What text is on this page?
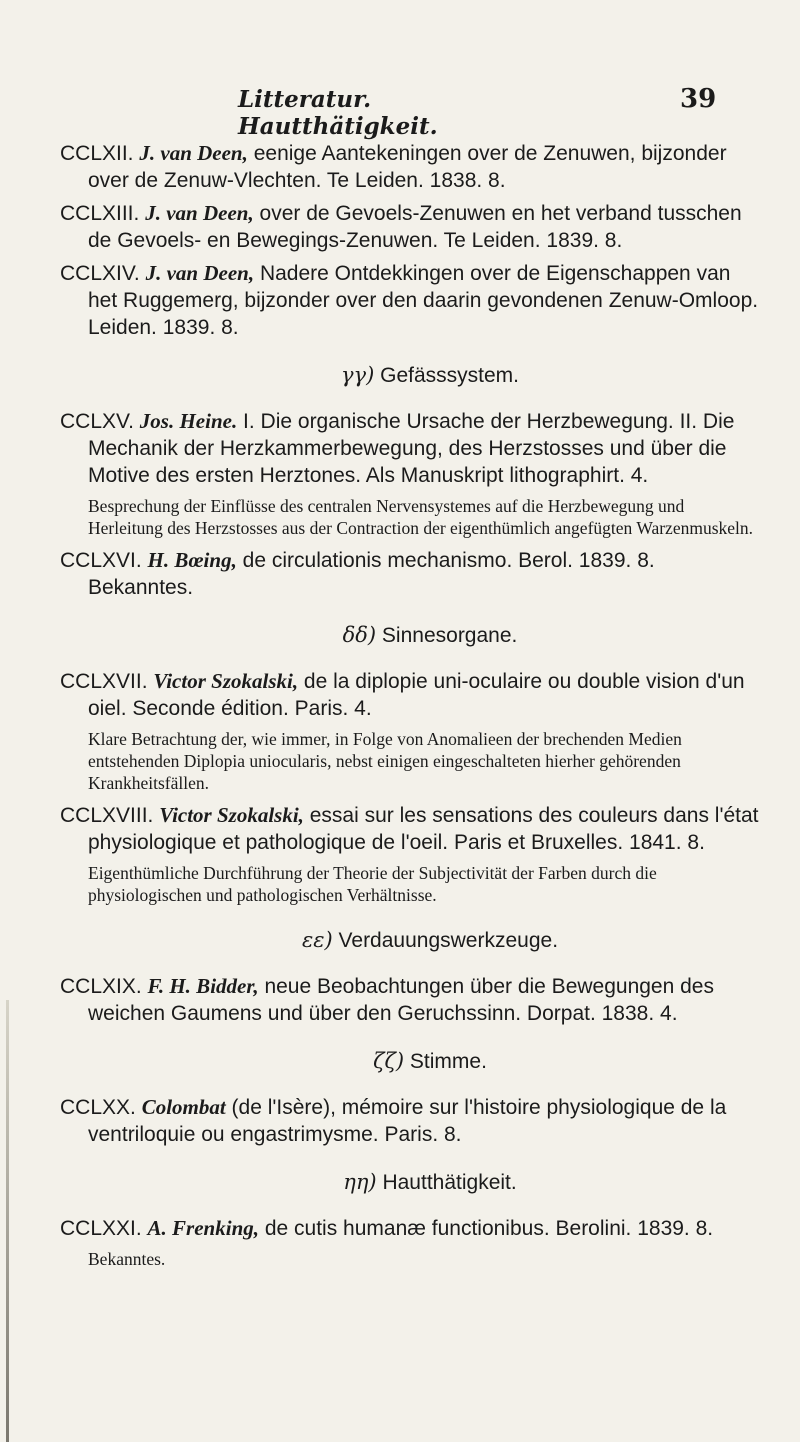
Litteratur. Hautthätigkeit.
39
CCLXII. J. van Deen, eenige Aantekeningen over de Zenuwen, bijzonder over de Zenuw-Vlechten. Te Leiden. 1838. 8.
CCLXIII. J. van Deen, over de Gevoels-Zenuwen en het verband tusschen de Gevoels- en Bewegings-Zenuwen. Te Leiden. 1839. 8.
CCLXIV. J. van Deen, Nadere Ontdekkingen over de Eigenschappen van het Ruggemerg, bijzonder over den daarin gevondenen Zenuw-Omloop. Leiden. 1839. 8.
γγ) Gefässsystem.
CCLXV. Jos. Heine. I. Die organische Ursache der Herzbewegung. II. Die Mechanik der Herzkammerbewegung, des Herzstosses und über die Motive des ersten Herztones. Als Manuskript lithographirt. 4.
Besprechung der Einflüsse des centralen Nervensystemes auf die Herzbewegung und Herleitung des Herzstosses aus der Contraction der eigenthümlich angefügten Warzenmuskeln.
CCLXVI. H. Bœing, de circulationis mechanismo. Berol. 1839. 8. Bekanntes.
δδ) Sinnesorgane.
CCLXVII. Victor Szokalski, de la diplopie uni-oculaire ou double vision d'un oiel. Seconde édition. Paris. 4.
Klare Betrachtung der, wie immer, in Folge von Anomalieen der brechenden Medien entstehenden Diplopia uniocularis, nebst einigen eingeschalteten hierher gehörenden Krankheitsfällen.
CCLXVIII. Victor Szokalski, essai sur les sensations des couleurs dans l'état physiologique et pathologique de l'oeil. Paris et Bruxelles. 1841. 8.
Eigenthümliche Durchführung der Theorie der Subjectivität der Farben durch die physiologischen und pathologischen Verhältnisse.
εε) Verdauungswerkzeuge.
CCLXIX. F. H. Bidder, neue Beobachtungen über die Bewegungen des weichen Gaumens und über den Geruchssinn. Dorpat. 1838. 4.
ζζ) Stimme.
CCLXX. Colombat (de l'Isère), mémoire sur l'histoire physiologique de la ventriloquie ou engastrimysme. Paris. 8.
ηη) Hautthätigkeit.
CCLXXI. A. Frenking, de cutis humanæ functionibus. Berolini. 1839. 8.
Bekanntes.
